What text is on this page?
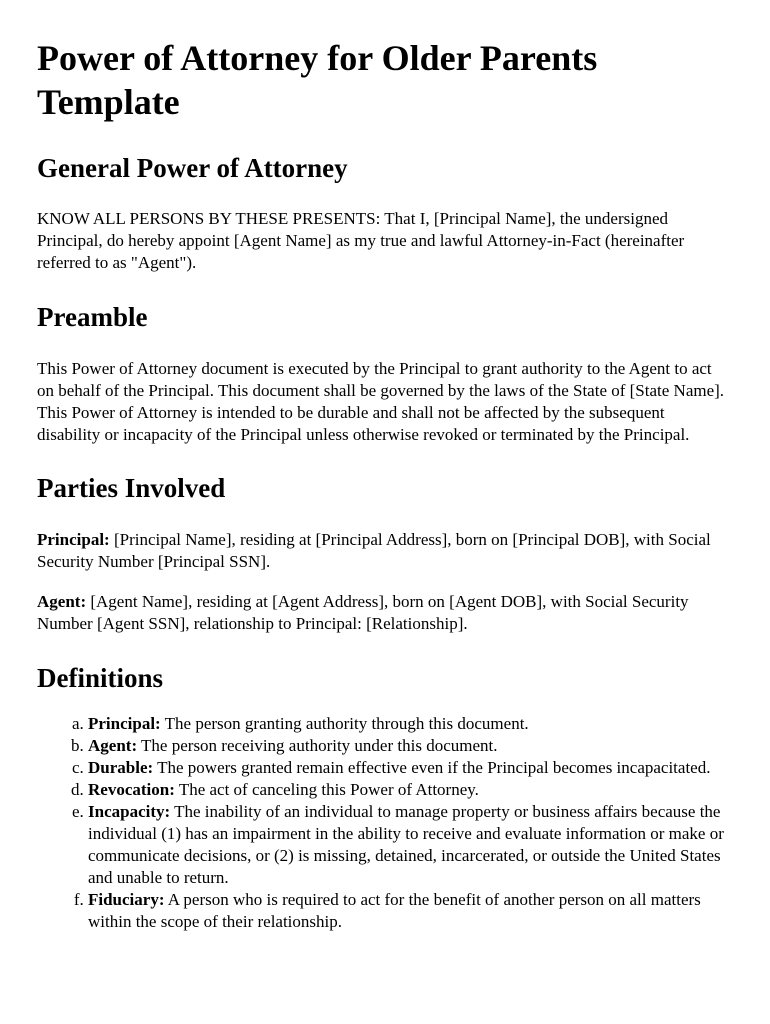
Power of Attorney for Older Parents Template
General Power of Attorney

KNOW ALL PERSONS BY THESE PRESENTS: That I, [Principal Name], the undersigned Principal, do hereby appoint [Agent Name] as my true and lawful Attorney-in-Fact (hereinafter referred to as "Agent").

Preamble

This Power of Attorney document is executed by the Principal to grant authority to the Agent to act on behalf of the Principal. This document shall be governed by the laws of the State of [State Name]. This Power of Attorney is intended to be durable and shall not be affected by the subsequent disability or incapacity of the Principal unless otherwise revoked or terminated by the Principal.

Parties Involved

Principal: [Principal Name], residing at [Principal Address], born on [Principal DOB], with Social Security Number [Principal SSN].

Agent: [Agent Name], residing at [Agent Address], born on [Agent DOB], with Social Security Number [Agent SSN], relationship to Principal: [Relationship].

Definitions
a. Principal: The person granting authority through this document.
b. Agent: The person receiving authority under this document.
c. Durable: The powers granted remain effective even if the Principal becomes incapacitated.
d. Revocation: The act of canceling this Power of Attorney.
e. Incapacity: The inability of an individual to manage property or business affairs because the individual (1) has an impairment in the ability to receive and evaluate information or make or communicate decisions, or (2) is missing, detained, incarcerated, or outside the United States and unable to return.
f. Fiduciary: A person who is required to act for the benefit of another person on all matters within the scope of their relationship.
